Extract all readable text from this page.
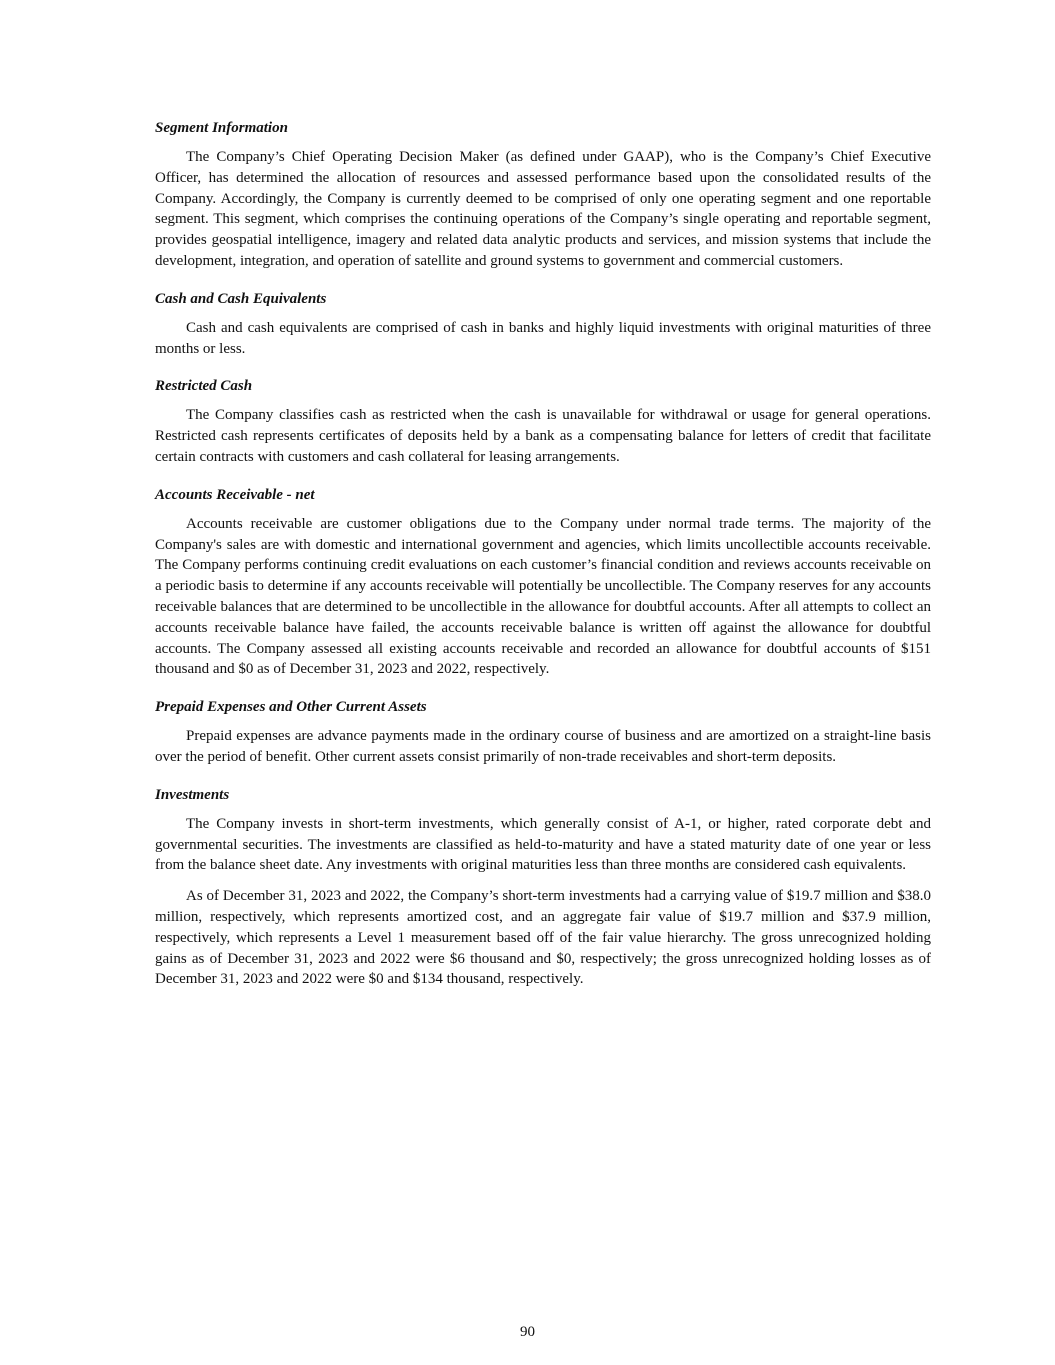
Segment Information

The Company’s Chief Operating Decision Maker (as defined under GAAP), who is the Company’s Chief Executive Officer, has determined the allocation of resources and assessed performance based upon the consolidated results of the Company. Accordingly, the Company is currently deemed to be comprised of only one operating segment and one reportable segment. This segment, which comprises the continuing operations of the Company’s single operating and reportable segment, provides geospatial intelligence, imagery and related data analytic products and services, and mission systems that include the development, integration, and operation of satellite and ground systems to government and commercial customers.

Cash and Cash Equivalents

Cash and cash equivalents are comprised of cash in banks and highly liquid investments with original maturities of three months or less.

Restricted Cash

The Company classifies cash as restricted when the cash is unavailable for withdrawal or usage for general operations. Restricted cash represents certificates of deposits held by a bank as a compensating balance for letters of credit that facilitate certain contracts with customers and cash collateral for leasing arrangements.

Accounts Receivable - net

Accounts receivable are customer obligations due to the Company under normal trade terms. The majority of the Company's sales are with domestic and international government and agencies, which limits uncollectible accounts receivable. The Company performs continuing credit evaluations on each customer’s financial condition and reviews accounts receivable on a periodic basis to determine if any accounts receivable will potentially be uncollectible. The Company reserves for any accounts receivable balances that are determined to be uncollectible in the allowance for doubtful accounts. After all attempts to collect an accounts receivable balance have failed, the accounts receivable balance is written off against the allowance for doubtful accounts. The Company assessed all existing accounts receivable and recorded an allowance for doubtful accounts of $151 thousand and $0 as of December 31, 2023 and 2022, respectively.

Prepaid Expenses and Other Current Assets

Prepaid expenses are advance payments made in the ordinary course of business and are amortized on a straight-line basis over the period of benefit. Other current assets consist primarily of non-trade receivables and short-term deposits.

Investments

The Company invests in short-term investments, which generally consist of A-1, or higher, rated corporate debt and governmental securities. The investments are classified as held-to-maturity and have a stated maturity date of one year or less from the balance sheet date. Any investments with original maturities less than three months are considered cash equivalents.

As of December 31, 2023 and 2022, the Company’s short-term investments had a carrying value of $19.7 million and $38.0 million, respectively, which represents amortized cost, and an aggregate fair value of $19.7 million and $37.9 million, respectively, which represents a Level 1 measurement based off of the fair value hierarchy. The gross unrecognized holding gains as of December 31, 2023 and 2022 were $6 thousand and $0, respectively; the gross unrecognized holding losses as of December 31, 2023 and 2022 were $0 and $134 thousand, respectively.

90
